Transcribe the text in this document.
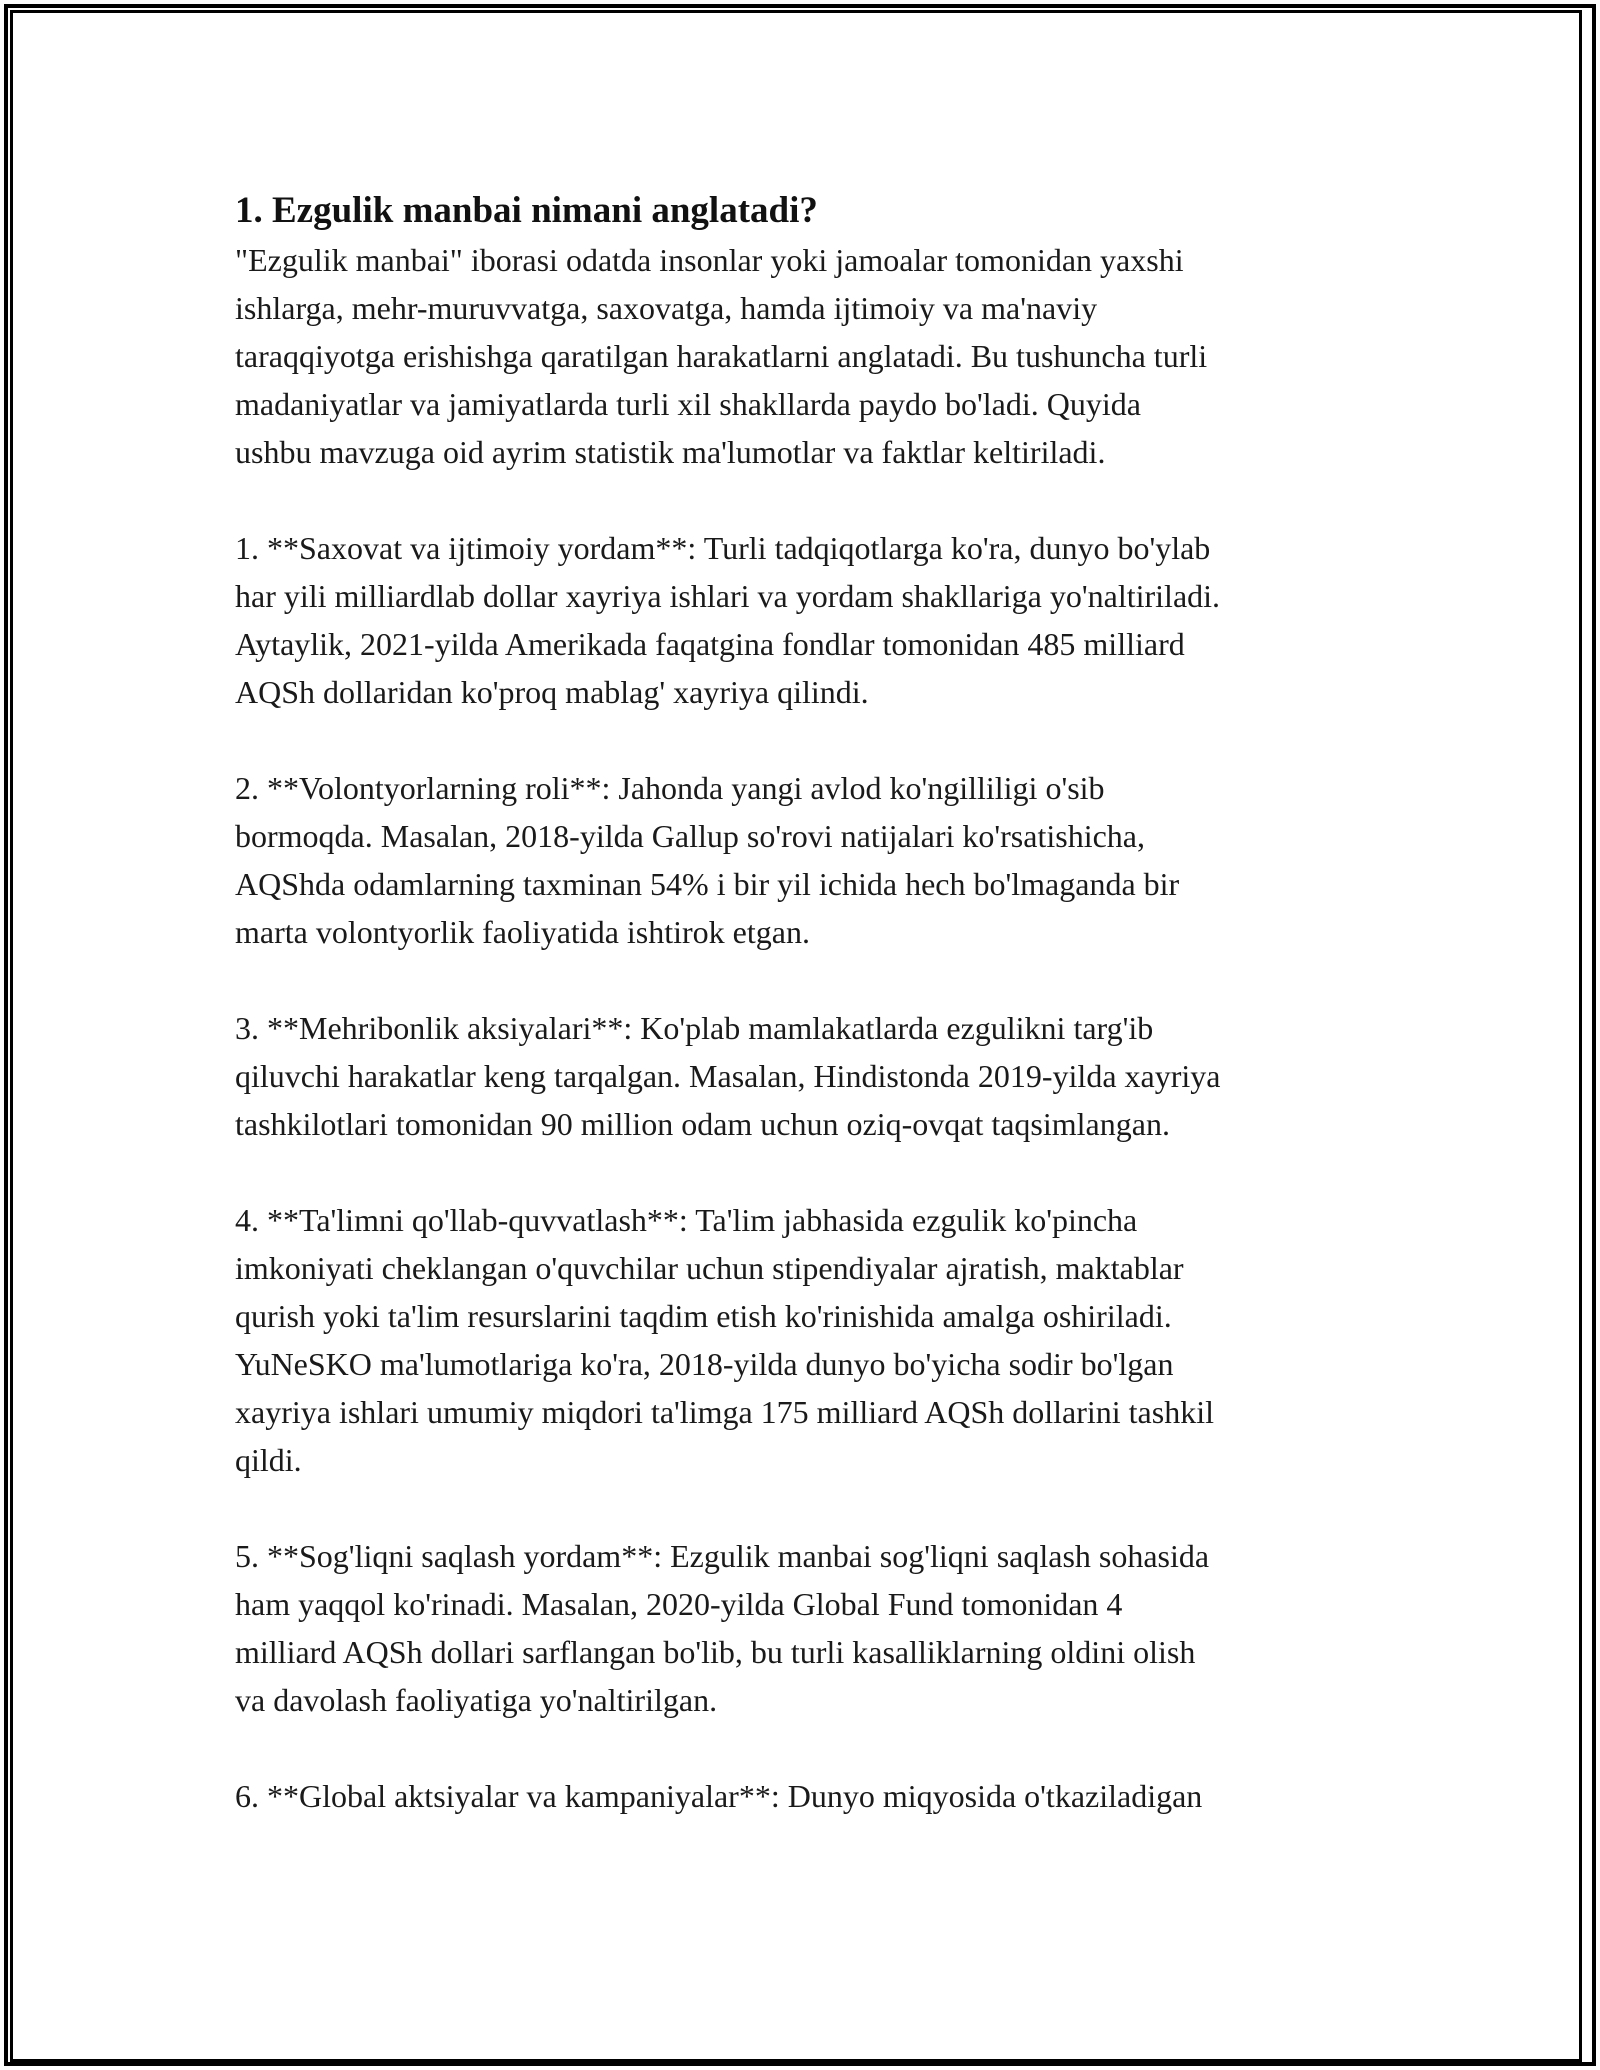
1. Ezgulik manbai nimani anglatadi?

"Ezgulik manbai" iborasi odatda insonlar yoki jamoalar tomonidan yaxshi
ishlarga, mehr-muruvvatga, saxovatga, hamda ijtimoiy va ma'naviy
taraqqiyotga erishishga qaratilgan harakatlarni anglatadi. Bu tushuncha turli
madaniyatlar va jamiyatlarda turli xil shakllarda paydo bo'ladi. Quyida
ushbu mavzuga oid ayrim statistik ma'lumotlar va faktlar keltiriladi.

1. **Saxovat va ijtimoiy yordam**: Turli tadqiqotlarga ko'ra, dunyo bo'ylab
har yili milliardlab dollar xayriya ishlari va yordam shakllariga yo'naltiriladi.
Aytaylik, 2021-yilda Amerikada faqatgina fondlar tomonidan 485 milliard
AQSh dollaridan ko'proq mablag' xayriya qilindi.

2. **Volontyorlarning roli**: Jahonda yangi avlod ko'ngilliligi o'sib
bormoqda. Masalan, 2018-yilda Gallup so'rovi natijalari ko'rsatishicha,
AQShda odamlarning taxminan 54% i bir yil ichida hech bo'lmaganda bir
marta volontyorlik faoliyatida ishtirok etgan.

3. **Mehribonlik aksiyalari**: Ko'plab mamlakatlarda ezgulikni targ'ib
qiluvchi harakatlar keng tarqalgan. Masalan, Hindistonda 2019-yilda xayriya
tashkilotlari tomonidan 90 million odam uchun oziq-ovqat taqsimlangan.

4. **Ta'limni qo'llab-quvvatlash**: Ta'lim jabhasida ezgulik ko'pincha
imkoniyati cheklangan o'quvchilar uchun stipendiyalar ajratish, maktablar
qurish yoki ta'lim resurslarini taqdim etish ko'rinishida amalga oshiriladi.
YuNeSKO ma'lumotlariga ko'ra, 2018-yilda dunyo bo'yicha sodir bo'lgan
xayriya ishlari umumiy miqdori ta'limga 175 milliard AQSh dollarini tashkil
qildi.

5. **Sog'liqni saqlash yordam**: Ezgulik manbai sog'liqni saqlash sohasida
ham yaqqol ko'rinadi. Masalan, 2020-yilda Global Fund tomonidan 4
milliard AQSh dollari sarflangan bo'lib, bu turli kasalliklarning oldini olish
va davolash faoliyatiga yo'naltirilgan.

6. **Global aktsiyalar va kampaniyalar**: Dunyo miqyosida o'tkaziladigan
